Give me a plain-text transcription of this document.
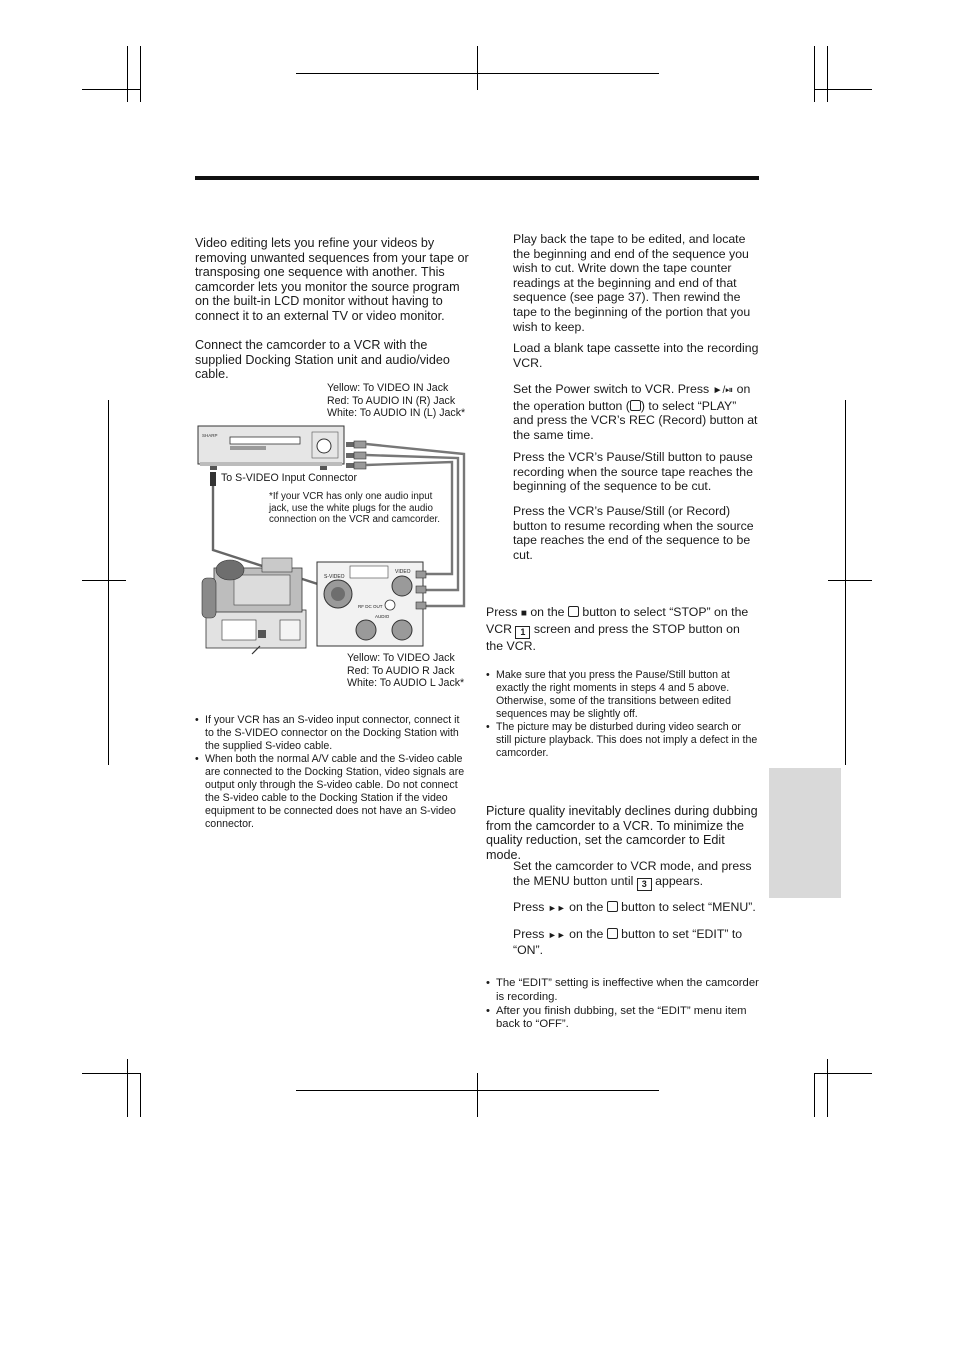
Video editing lets you refine your videos by removing unwanted sequences from your tape or transposing one sequence with another. This camcorder lets you monitor the source program on the built-in LCD monitor without having to connect it to an external TV or video monitor.

Connect the camcorder to a VCR with the supplied Docking Station unit and audio/video cable.

Yellow: To VIDEO IN Jack
Red: To AUDIO IN (R) Jack
White: To AUDIO IN (L) Jack*
To S-VIDEO Input Connector
*If your VCR has only one audio input jack, use the white plugs for the audio connection on the VCR and camcorder.
Yellow: To VIDEO Jack
Red: To AUDIO R Jack
White: To AUDIO L Jack*
SHARP
S-VIDEO
VIDEO
RF DC OUT
AUDIO
• If your VCR has an S-video input connector, connect it to the S-VIDEO connector on the Docking Station with the supplied S-video cable.
• When both the normal A/V cable and the S-video cable are connected to the Docking Station, video signals are output only through the S-video cable. Do not connect the S-video cable to the Docking Station if the video equipment to be connected does not have an S-video connector.

Play back the tape to be edited, and locate the beginning and end of the sequence you wish to cut. Write down the tape counter readings at the beginning and end of that sequence (see page 37). Then rewind the tape to the beginning of the portion that you wish to keep.

Load a blank tape cassette into the recording VCR.

Set the Power switch to VCR. Press ►/⏯ on the operation button ( ) to select “PLAY” and press the VCR’s REC (Record) button at the same time.

Press the VCR’s Pause/Still button to pause recording when the source tape reaches the beginning of the sequence to be cut.

Press the VCR’s Pause/Still (or Record) button to resume recording when the source tape reaches the end of the sequence to be cut.

Press ■ on the button to select “STOP” on the VCR 1 screen and press the STOP button on the VCR.

• Make sure that you press the Pause/Still button at exactly the right moments in steps 4 and 5 above. Otherwise, some of the transitions between edited sequences may be slightly off.
• The picture may be disturbed during video search or still picture playback. This does not imply a defect in the camcorder.

Picture quality inevitably declines during dubbing from the camcorder to a VCR. To minimize the quality reduction, set the camcorder to Edit mode.

Set the camcorder to VCR mode, and press the MENU button until 3 appears.

Press ►► on the button to select “MENU”.

Press ►► on the button to set “EDIT” to “ON”.

• The “EDIT” setting is ineffective when the camcorder is recording.
• After you finish dubbing, set the “EDIT” menu item back to “OFF”.
